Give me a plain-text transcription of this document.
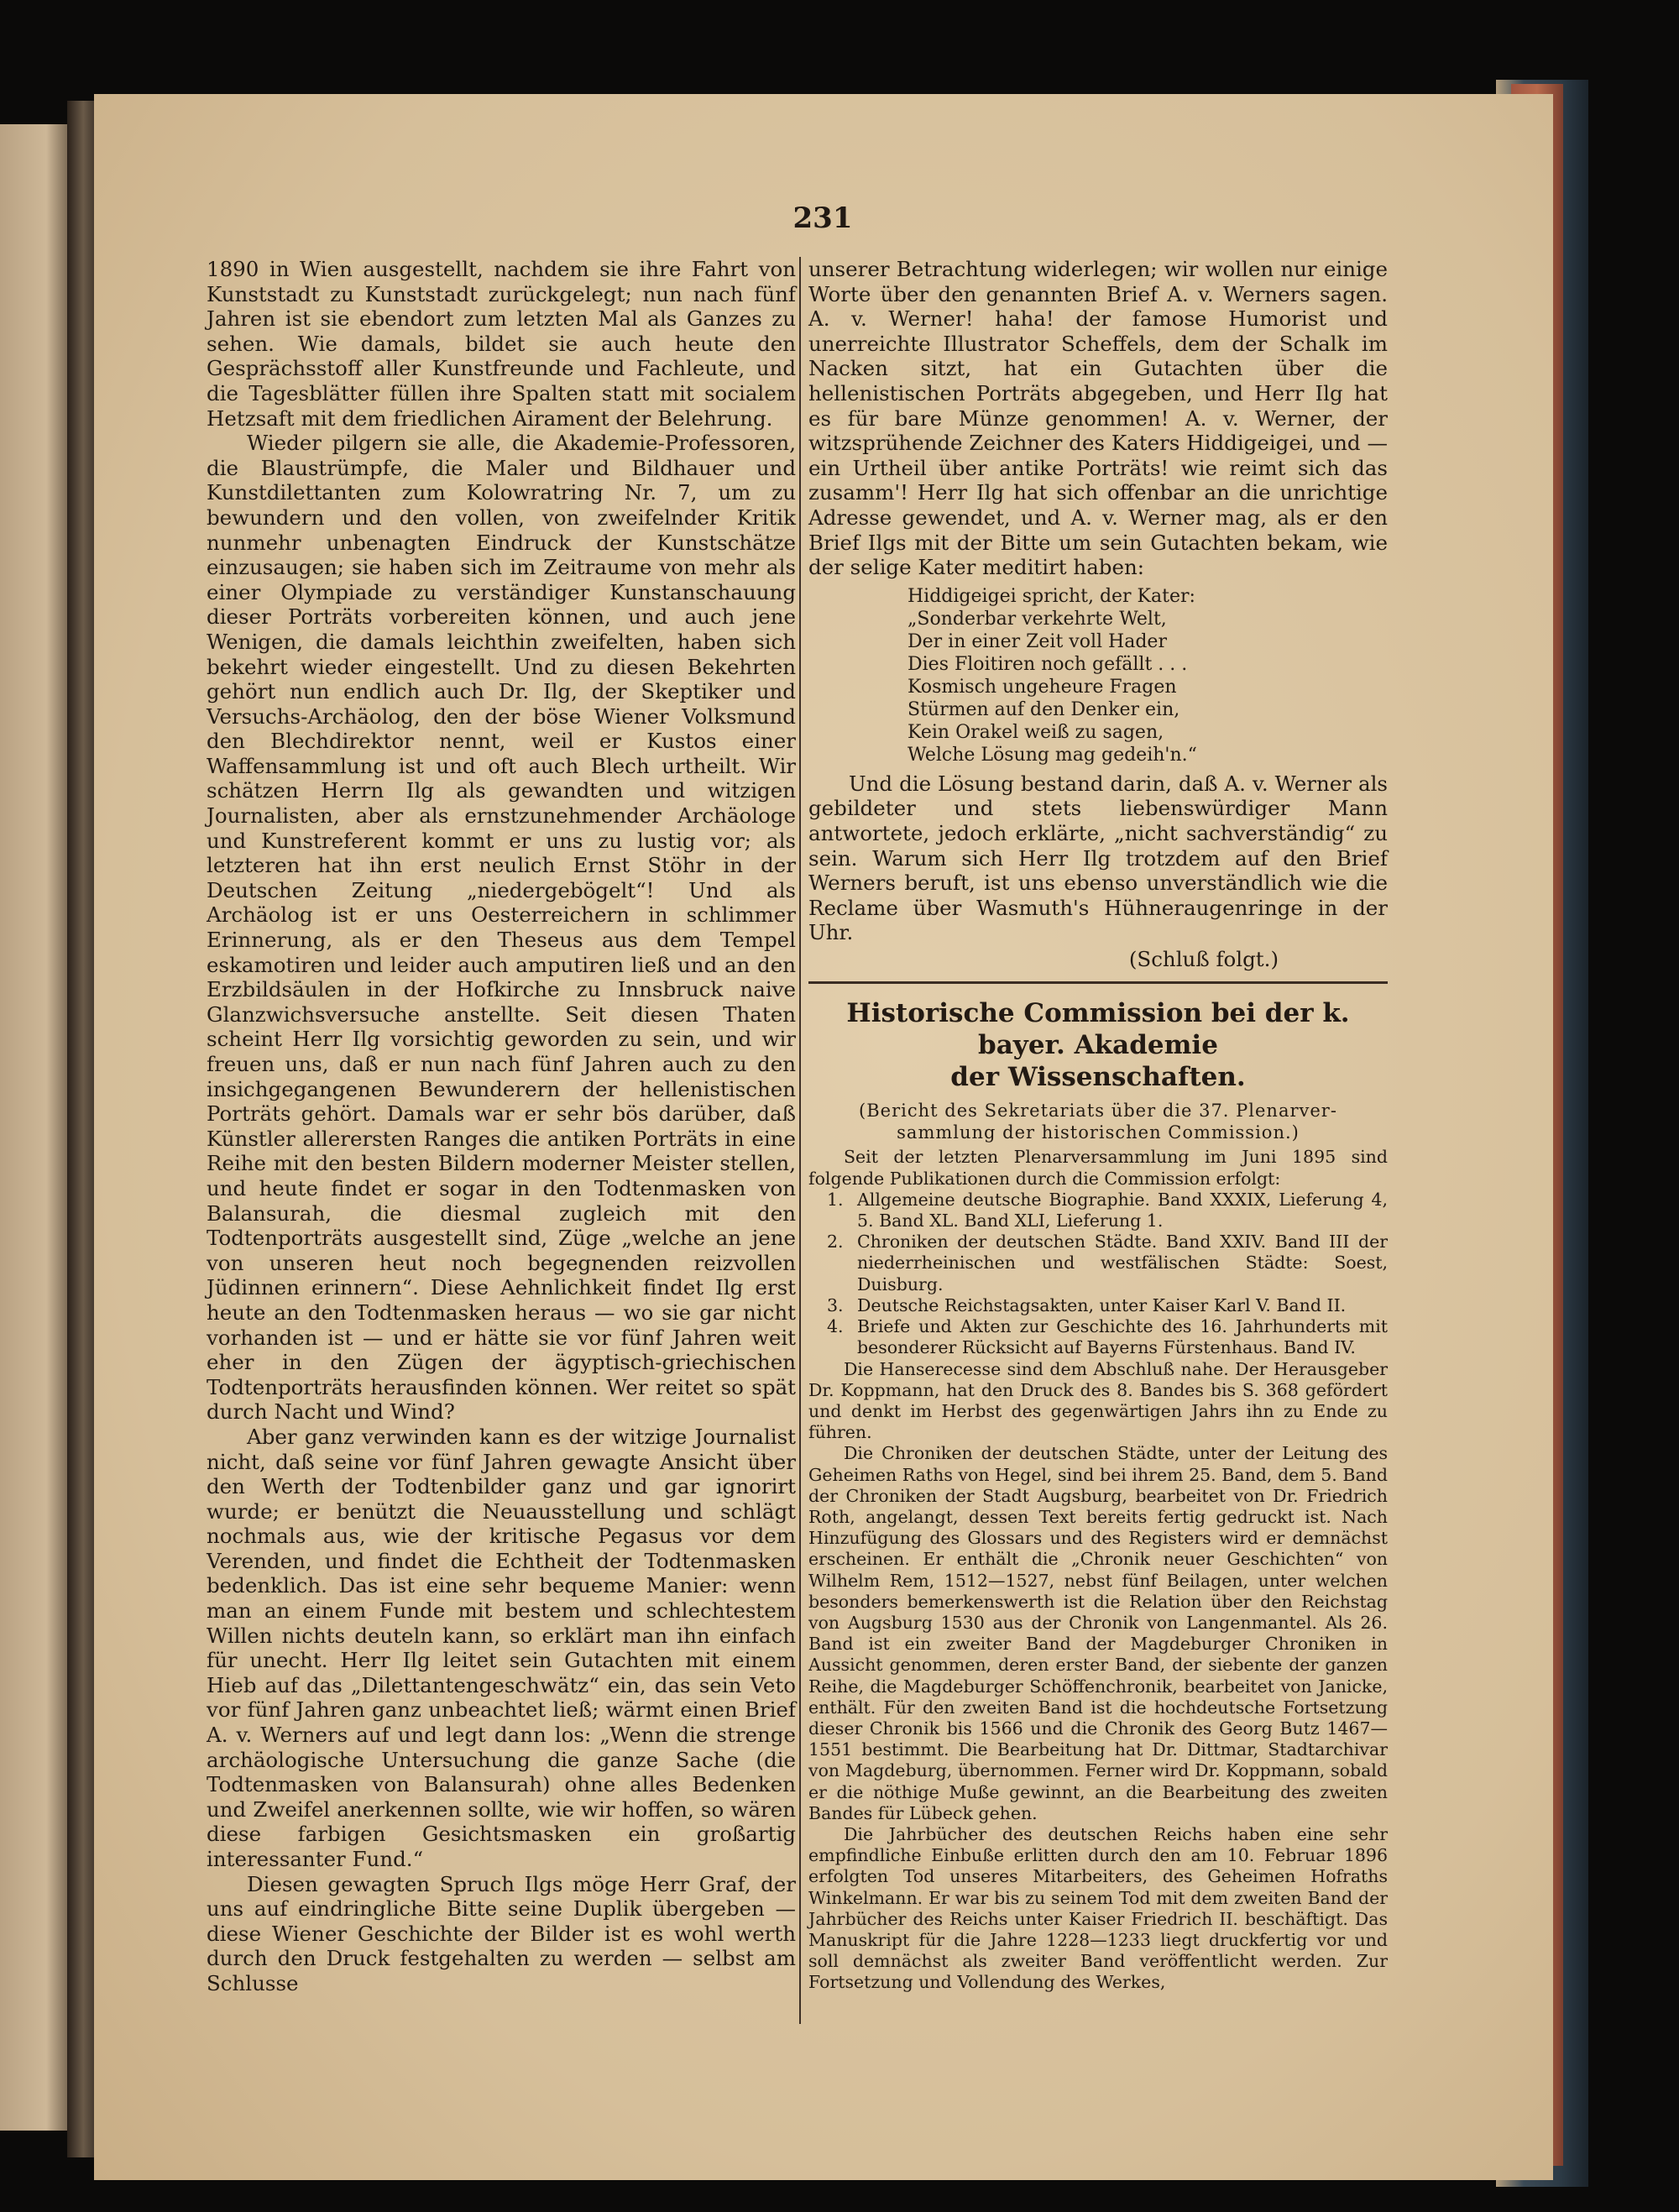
231

1890 in Wien ausgestellt, nachdem sie ihre Fahrt von Kunststadt zu Kunststadt zurückgelegt; nun nach fünf Jahren ist sie ebendort zum letzten Mal als Ganzes zu sehen. Wie damals, bildet sie auch heute den Gesprächsstoff aller Kunstfreunde und Fachleute, und die Tagesblätter füllen ihre Spalten statt mit socialem Hetzsaft mit dem friedlichen Airament der Belehrung.

Wieder pilgern sie alle, die Akademie-Professoren, die Blaustrümpfe, die Maler und Bildhauer und Kunstdilettanten zum Kolowratring Nr. 7, um zu bewundern und den vollen, von zweifelnder Kritik nunmehr unbenagten Eindruck der Kunstschätze einzusaugen; sie haben sich im Zeitraume von mehr als einer Olympiade zu verständiger Kunstanschauung dieser Porträts vorbereiten können, und auch jene Wenigen, die damals leichthin zweifelten, haben sich bekehrt wieder eingestellt. Und zu diesen Bekehrten gehört nun endlich auch Dr. Ilg, der Skeptiker und Versuchs-Archäolog, den der böse Wiener Volksmund den Blechdirektor nennt, weil er Kustos einer Waffensammlung ist und oft auch Blech urtheilt. Wir schätzen Herrn Ilg als gewandten und witzigen Journalisten, aber als ernstzunehmender Archäologe und Kunstreferent kommt er uns zu lustig vor; als letzteren hat ihn erst neulich Ernst Stöhr in der Deutschen Zeitung „niedergebögelt“! Und als Archäolog ist er uns Oesterreichern in schlimmer Erinnerung, als er den Theseus aus dem Tempel eskamotiren und leider auch amputiren ließ und an den Erzbildsäulen in der Hofkirche zu Innsbruck naive Glanzwichsversuche anstellte. Seit diesen Thaten scheint Herr Ilg vorsichtig geworden zu sein, und wir freuen uns, daß er nun nach fünf Jahren auch zu den insichgegangenen Bewunderern der hellenistischen Porträts gehört. Damals war er sehr bös darüber, daß Künstler allerersten Ranges die antiken Porträts in eine Reihe mit den besten Bildern moderner Meister stellen, und heute findet er sogar in den Todtenmasken von Balansurah, die diesmal zugleich mit den Todtenporträts ausgestellt sind, Züge „welche an jene von unseren heut noch begegnenden reizvollen Jüdinnen erinnern“. Diese Aehnlichkeit findet Ilg erst heute an den Todtenmasken heraus — wo sie gar nicht vorhanden ist — und er hätte sie vor fünf Jahren weit eher in den Zügen der ägyptisch-griechischen Todtenporträts herausfinden können. Wer reitet so spät durch Nacht und Wind?

Aber ganz verwinden kann es der witzige Journalist nicht, daß seine vor fünf Jahren gewagte Ansicht über den Werth der Todtenbilder ganz und gar ignorirt wurde; er benützt die Neuausstellung und schlägt nochmals aus, wie der kritische Pegasus vor dem Verenden, und findet die Echtheit der Todtenmasken bedenklich. Das ist eine sehr bequeme Manier: wenn man an einem Funde mit bestem und schlechtestem Willen nichts deuteln kann, so erklärt man ihn einfach für unecht. Herr Ilg leitet sein Gutachten mit einem Hieb auf das „Dilettantengeschwätz“ ein, das sein Veto vor fünf Jahren ganz unbeachtet ließ; wärmt einen Brief A. v. Werners auf und legt dann los: „Wenn die strenge archäologische Untersuchung die ganze Sache (die Todtenmasken von Balansurah) ohne alles Bedenken und Zweifel anerkennen sollte, wie wir hoffen, so wären diese farbigen Gesichtsmasken ein großartig interessanter Fund.“

Diesen gewagten Spruch Ilgs möge Herr Graf, der uns auf eindringliche Bitte seine Duplik übergeben — diese Wiener Geschichte der Bilder ist es wohl werth durch den Druck festgehalten zu werden — selbst am Schlusse

unserer Betrachtung widerlegen; wir wollen nur einige Worte über den genannten Brief A. v. Werners sagen. A. v. Werner! haha! der famose Humorist und unerreichte Illustrator Scheffels, dem der Schalk im Nacken sitzt, hat ein Gutachten über die hellenistischen Porträts abgegeben, und Herr Ilg hat es für bare Münze genommen! A. v. Werner, der witzsprühende Zeichner des Katers Hiddigeigei, und — ein Urtheil über antike Porträts! wie reimt sich das zusamm'! Herr Ilg hat sich offenbar an die unrichtige Adresse gewendet, und A. v. Werner mag, als er den Brief Ilgs mit der Bitte um sein Gutachten bekam, wie der selige Kater meditirt haben:

Hiddigeigei spricht, der Kater:
„Sonderbar verkehrte Welt,
Der in einer Zeit voll Hader
Dies Floitiren noch gefällt . . .
Kosmisch ungeheure Fragen
Stürmen auf den Denker ein,
Kein Orakel weiß zu sagen,
Welche Lösung mag gedeih'n.“

Und die Lösung bestand darin, daß A. v. Werner als gebildeter und stets liebenswürdiger Mann antwortete, jedoch erklärte, „nicht sachverständig“ zu sein. Warum sich Herr Ilg trotzdem auf den Brief Werners beruft, ist uns ebenso unverständlich wie die Reclame über Wasmuth's Hühneraugenringe in der Uhr.

(Schluß folgt.)
Historische Commission bei der k. bayer. Akademie
der Wissenschaften.
(Bericht des Sekretariats über die 37. Plenarver-
sammlung der historischen Commission.)

Seit der letzten Plenarversammlung im Juni 1895 sind folgende Publikationen durch die Commission erfolgt:

1. Allgemeine deutsche Biographie. Band XXXIX, Lieferung 4, 5. Band XL. Band XLI, Lieferung 1.
2. Chroniken der deutschen Städte. Band XXIV. Band III der niederrheinischen und westfälischen Städte: Soest, Duisburg.
3. Deutsche Reichstagsakten, unter Kaiser Karl V. Band II.
4. Briefe und Akten zur Geschichte des 16. Jahrhunderts mit besonderer Rücksicht auf Bayerns Fürstenhaus. Band IV.

Die Hanserecesse sind dem Abschluß nahe. Der Herausgeber Dr. Koppmann, hat den Druck des 8. Bandes bis S. 368 gefördert und denkt im Herbst des gegenwärtigen Jahrs ihn zu Ende zu führen.

Die Chroniken der deutschen Städte, unter der Leitung des Geheimen Raths von Hegel, sind bei ihrem 25. Band, dem 5. Band der Chroniken der Stadt Augsburg, bearbeitet von Dr. Friedrich Roth, angelangt, dessen Text bereits fertig gedruckt ist. Nach Hinzufügung des Glossars und des Registers wird er demnächst erscheinen. Er enthält die „Chronik neuer Geschichten“ von Wilhelm Rem, 1512—1527, nebst fünf Beilagen, unter welchen besonders bemerkenswerth ist die Relation über den Reichstag von Augsburg 1530 aus der Chronik von Langenmantel. Als 26. Band ist ein zweiter Band der Magdeburger Chroniken in Aussicht genommen, deren erster Band, der siebente der ganzen Reihe, die Magdeburger Schöffenchronik, bearbeitet von Janicke, enthält. Für den zweiten Band ist die hochdeutsche Fortsetzung dieser Chronik bis 1566 und die Chronik des Georg Butz 1467—1551 bestimmt. Die Bearbeitung hat Dr. Dittmar, Stadtarchivar von Magdeburg, übernommen. Ferner wird Dr. Koppmann, sobald er die nöthige Muße gewinnt, an die Bearbeitung des zweiten Bandes für Lübeck gehen.

Die Jahrbücher des deutschen Reichs haben eine sehr empfindliche Einbuße erlitten durch den am 10. Februar 1896 erfolgten Tod unseres Mitarbeiters, des Geheimen Hofraths Winkelmann. Er war bis zu seinem Tod mit dem zweiten Band der Jahrbücher des Reichs unter Kaiser Friedrich II. beschäftigt. Das Manuskript für die Jahre 1228—1233 liegt druckfertig vor und soll demnächst als zweiter Band veröffentlicht werden. Zur Fortsetzung und Vollendung des Werkes,
